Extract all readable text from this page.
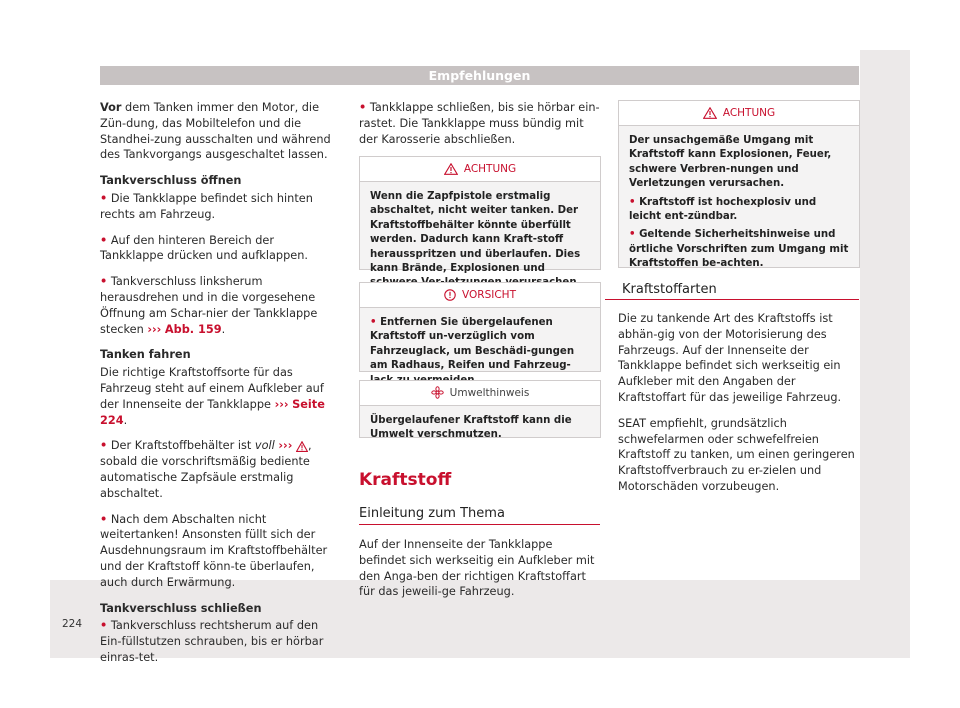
Empfehlungen

Vor dem Tanken immer den Motor, die Zün-dung, das Mobiltelefon und die Standhei-zung ausschalten und während des Tankvorgangs ausgeschaltet lassen.

Tankverschluss öffnen

• Die Tankklappe befindet sich hinten rechts am Fahrzeug.

• Auf den hinteren Bereich der Tankklappe drücken und aufklappen.

• Tankverschluss linksherum herausdrehen und in die vorgesehene Öffnung am Schar-nier der Tankklappe stecken ››› Abb. 159.

Tanken fahren

Die richtige Kraftstoffsorte für das Fahrzeug steht auf einem Aufkleber auf der Innenseite der Tankklappe ››› Seite 224.

• Der Kraftstoffbehälter ist voll ››› , sobald die vorschriftsmäßig bediente automatische Zapfsäule erstmalig abschaltet.

• Nach dem Abschalten nicht weitertanken! Ansonsten füllt sich der Ausdehnungsraum im Kraftstoffbehälter und der Kraftstoff könn-te überlaufen, auch durch Erwärmung.

Tankverschluss schließen

• Tankverschluss rechtsherum auf den Ein-füllstutzen schrauben, bis er hörbar einras-tet.

• Tankklappe schließen, bis sie hörbar ein-rastet. Die Tankklappe muss bündig mit der Karosserie abschließen.

ACHTUNG

Wenn die Zapfpistole erstmalig abschaltet, nicht weiter tanken. Der Kraftstoffbehälter könnte überfüllt werden. Dadurch kann Kraft-stoff herausspritzen und überlaufen. Dies kann Brände, Explosionen und

VORSICHT

• Entfernen Sie übergelaufenen Kraftstoff un-verzüglich vom Fahrzeuglack, um Beschädi-gungen am Radhaus, Reifen und Fahrzeug-

Umwelthinweis

Übergelaufener Kraftstoff kann die Umwelt verschmutzen.

Kraftstoff
Einleitung zum Thema

Auf der Innenseite der Tankklappe befindet sich werkseitig ein Aufkleber mit den Anga-ben der richtigen Kraftstoffart für das jeweili-ge Fahrzeug.

ACHTUNG

Der unsachgemäße Umgang mit Kraftstoff kann Explosionen, Feuer, schwere Verbren-nungen und Verletzungen verursachen.

• Kraftstoff ist hochexplosiv und leicht ent-zündbar.

• Geltende Sicherheitshinweise und örtliche Vorschriften zum Umgang mit Kraftstoffen be-achten.

Kraftstoffarten

Die zu tankende Art des Kraftstoffs ist abhän-gig von der Motorisierung des Fahrzeugs. Auf der Innenseite der Tankklappe befindet sich werkseitig ein Aufkleber mit den Angaben der Kraftstoffart für das jeweilige Fahrzeug.

SEAT empfiehlt, grundsätzlich schwefelarmen oder schwefelfreien Kraftstoff zu tanken, um einen geringeren Kraftstoffverbrauch zu er-zielen und Motorschäden vorzubeugen.

224
